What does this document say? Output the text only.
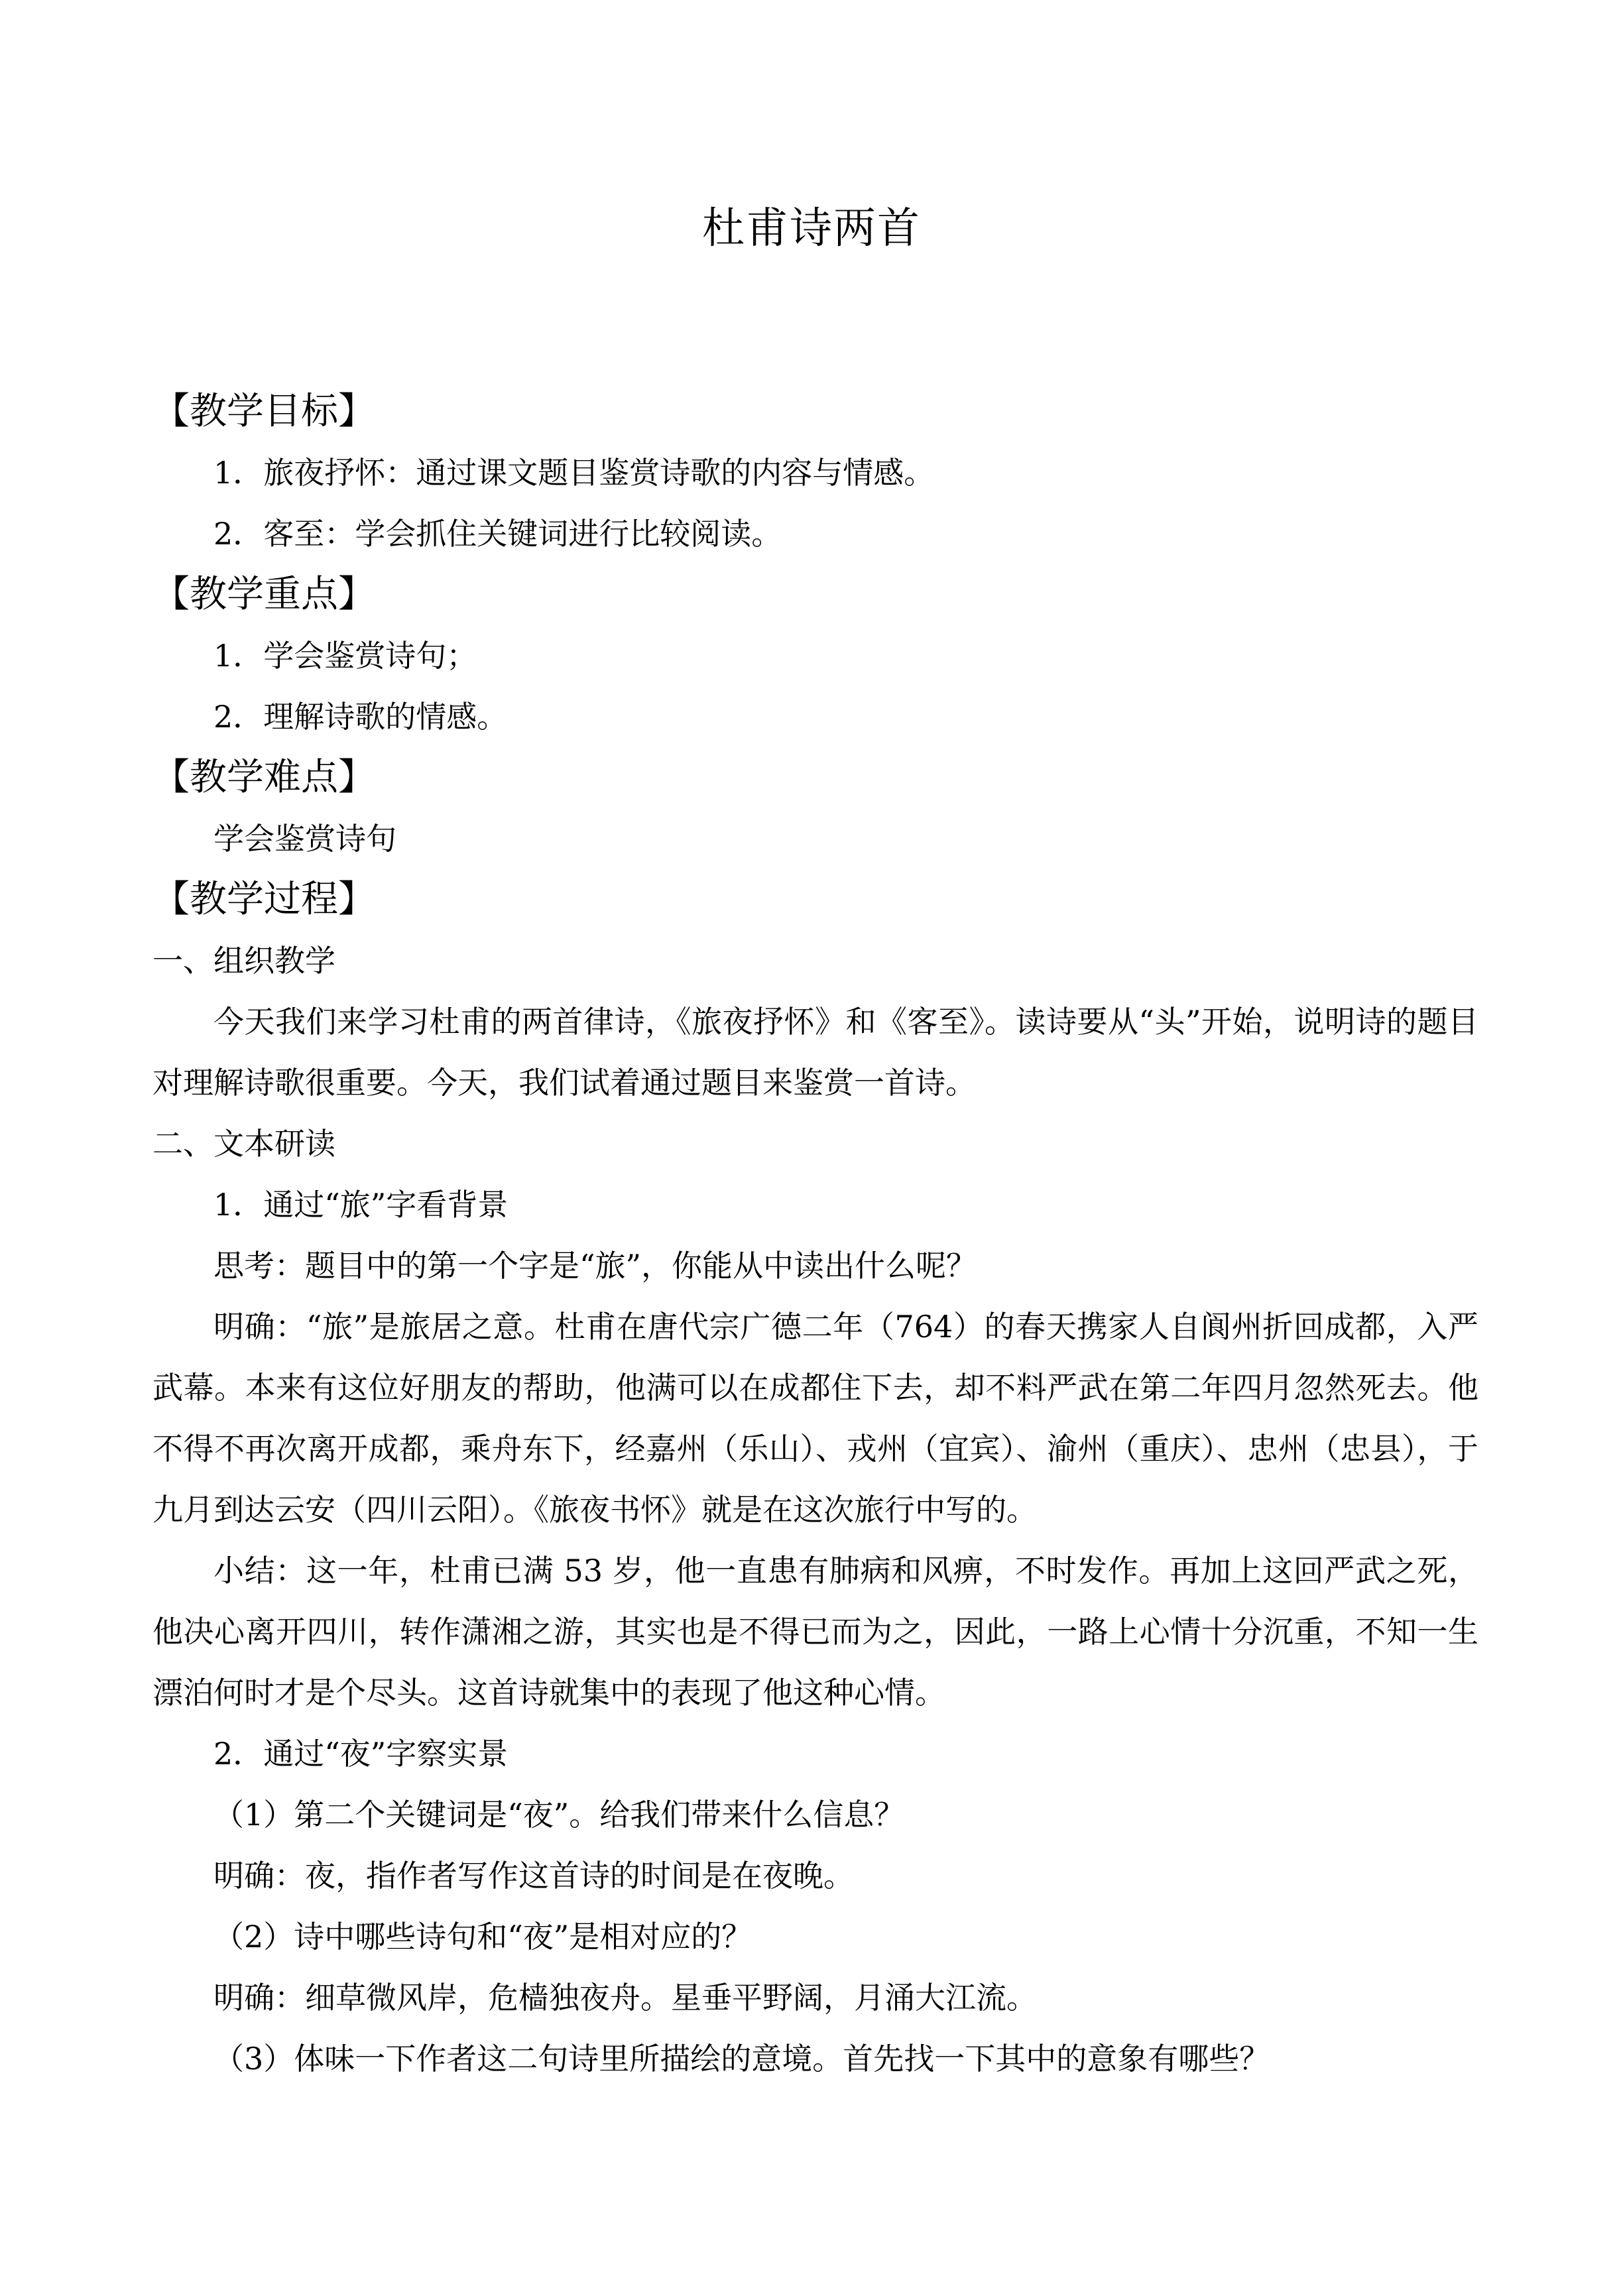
杜甫诗两首
【教学目标】
1．旅夜抒怀：通过课文题目鉴赏诗歌的内容与情感。
2．客至：学会抓住关键词进行比较阅读。
【教学重点】
1．学会鉴赏诗句；
2．理解诗歌的情感。
【教学难点】
学会鉴赏诗句
【教学过程】
一、组织教学
今天我们来学习杜甫的两首律诗，《旅夜抒怀》和《客至》。读诗要从“头”开始，说明诗的题目对理解诗歌很重要。今天，我们试着通过题目来鉴赏一首诗。
二、文本研读
1．通过“旅”字看背景
思考：题目中的第一个字是“旅”，你能从中读出什么呢？
明确：“旅”是旅居之意。杜甫在唐代宗广德二年（764）的春天携家人自阆州折回成都，入严武幕。本来有这位好朋友的帮助，他满可以在成都住下去，却不料严武在第二年四月忽然死去。他不得不再次离开成都，乘舟东下，经嘉州（乐山）、戎州（宜宾）、渝州（重庆）、忠州（忠县），于九月到达云安（四川云阳）。《旅夜书怀》就是在这次旅行中写的。
小结：这一年，杜甫已满 53 岁，他一直患有肺病和风痹，不时发作。再加上这回严武之死，他决心离开四川，转作潇湘之游，其实也是不得已而为之，因此，一路上心情十分沉重，不知一生漂泊何时才是个尽头。这首诗就集中的表现了他这种心情。
2．通过“夜”字察实景
（1）第二个关键词是“夜”。给我们带来什么信息？
明确：夜，指作者写作这首诗的时间是在夜晚。
（2）诗中哪些诗句和“夜”是相对应的？
明确：细草微风岸，危樯独夜舟。星垂平野阔，月涌大江流。
（3）体味一下作者这二句诗里所描绘的意境。首先找一下其中的意象有哪些？
